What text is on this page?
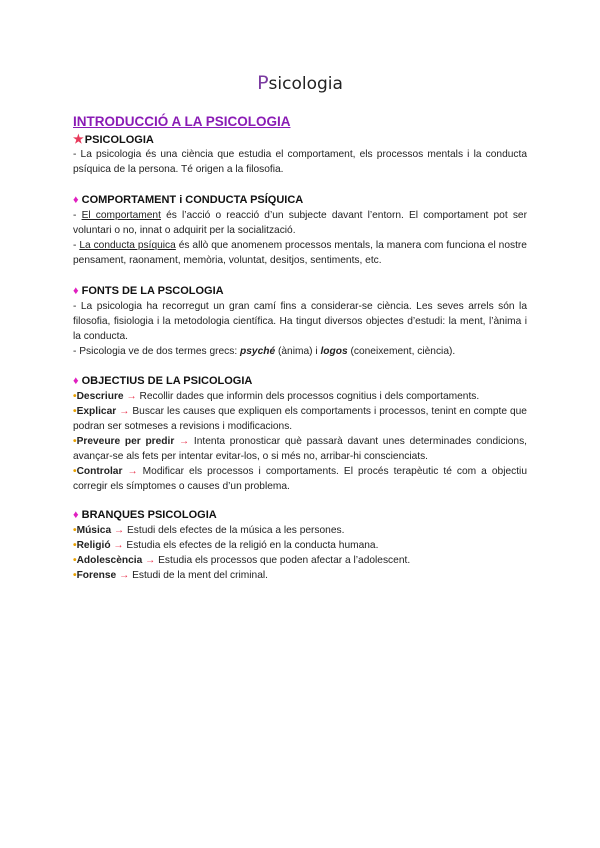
Psicologia
INTRODUCCIÓ A LA PSICOLOGIA
★PSICOLOGIA

- La psicologia és una ciència que estudia el comportament, els processos mentals i la conducta psíquica de la persona. Té origen a la filosofia.

♦ COMPORTAMENT i CONDUCTA PSÍQUICA

- El comportament és l’acció o reacció d’un subjecte davant l’entorn. El comportament pot ser voluntari o no, innat o adquirit per la socialització.

- La conducta psíquica és allò que anomenem processos mentals, la manera com funciona el nostre pensament, raonament, memòria, voluntat, desitjos, sentiments, etc.

♦ FONTS DE LA PSCOLOGIA

- La psicologia ha recorregut un gran camí fins a considerar-se ciència. Les seves arrels són la filosofia, fisiologia i la metodologia científica. Ha tingut diversos objectes d’estudi: la ment, l’ànima i la conducta.

- Psicologia ve de dos termes grecs: psyché (ànima) i logos (coneixement, ciència).

♦ OBJECTIUS DE LA PSICOLOGIA

•Descriure → Recollir dades que informin dels processos cognitius i dels comportaments.

•Explicar → Buscar les causes que expliquen els comportaments i processos, tenint en compte que podran ser sotmeses a revisions i modificacions.

•Preveure per predir → Intenta pronosticar què passarà davant unes determinades condicions, avançar-se als fets per intentar evitar-los, o si més no, arribar-hi conscienciats.

•Controlar → Modificar els processos i comportaments. El procés terapèutic té com a objectiu corregir els símptomes o causes d’un problema.

♦ BRANQUES PSICOLOGIA
•Música → Estudi dels efectes de la música a les persones.
•Religió → Estudia els efectes de la religió en la conducta humana.
•Adolescència → Estudia els processos que poden afectar a l’adolescent.
•Forense → Estudi de la ment del criminal.
